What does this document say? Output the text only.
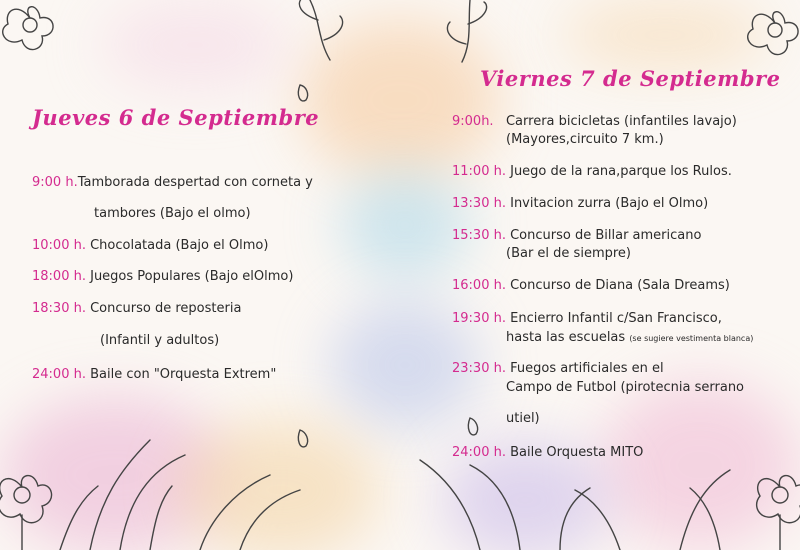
Jueves 6 de Septiembre
9:00 h.Tamborada despertad con corneta y
tambores (Bajo el olmo)
10:00 h. Chocolatada (Bajo el Olmo)
18:00 h. Juegos Populares (Bajo elOlmo)
18:30 h. Concurso de reposteria
(Infantil y adultos)
24:00 h. Baile con "Orquesta Extrem"
Viernes 7 de Septiembre
9:00h. Carrera bicicletas (infantiles lavajo)
(Mayores,circuito 7 km.)
11:00 h. Juego de la rana,parque los Rulos.
13:30 h. Invitacion zurra (Bajo el Olmo)
15:30 h. Concurso de Billar americano
(Bar el de siempre)
16:00 h. Concurso de Diana (Sala Dreams)
19:30 h. Encierro Infantil c/San Francisco,
hasta las escuelas (se sugiere vestimenta blanca)
23:30 h. Fuegos artificiales en el
Campo de Futbol (pirotecnia serrano
utiel)
24:00 h. Baile Orquesta MITO
